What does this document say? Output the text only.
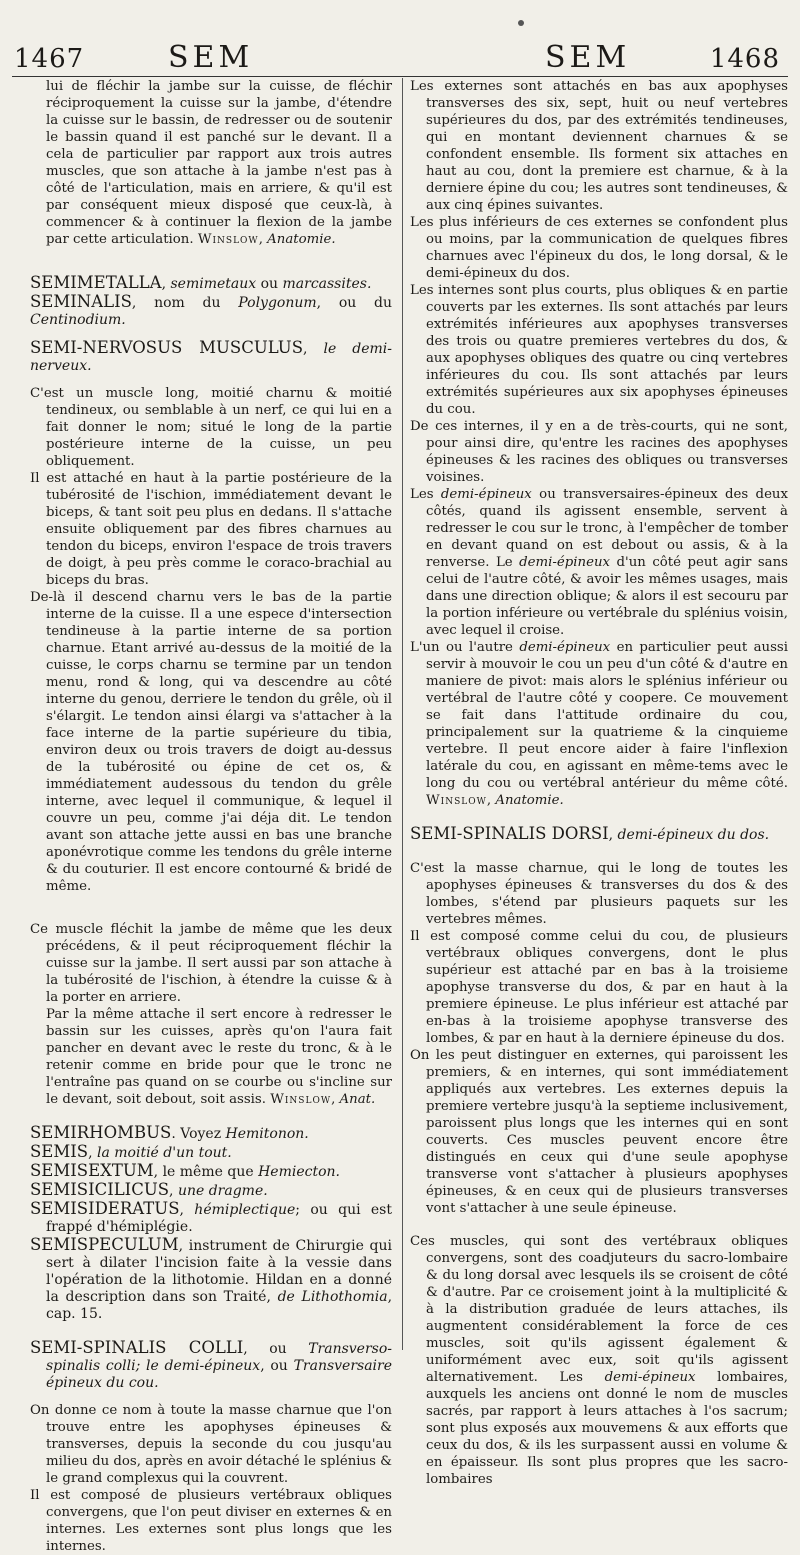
1467	SEM	SEM	1468

lui de fléchir la jambe sur la cuisse, de fléchir réciproquement la cuisse sur la jambe, d'étendre la cuisse sur le bassin, de redresser ou de soutenir le bassin quand il est panché sur le devant. Il a cela de particulier par rapport aux trois autres muscles, que son attache à la jambe n'est pas à côté de l'articulation, mais en arriere, & qu'il est par conséquent mieux disposé que ceux-là, à commencer & à continuer la flexion de la jambe par cette articulation. Winslow, Anatomie.

SEMIMETALLA, semimetaux ou marcassites.

SEMINALIS, nom du Polygonum, ou du Centinodium.

SEMI-NERVOSUS MUSCULUS, le demi-nerveux.

C'est un muscle long, moitié charnu & moitié tendineux, ou semblable à un nerf, ce qui lui en a fait donner le nom; situé le long de la partie postérieure interne de la cuisse, un peu obliquement.

Il est attaché en haut à la partie postérieure de la tubérosité de l'ischion, immédiatement devant le biceps, & tant soit peu plus en dedans. Il s'attache ensuite obliquement par des fibres charnues au tendon du biceps, environ l'espace de trois travers de doigt, à peu près comme le coraco-brachial au biceps du bras.

De-là il descend charnu vers le bas de la partie interne de la cuisse. Il a une espece d'intersection tendineuse à la partie interne de sa portion charnue. Etant arrivé au-dessus de la moitié de la cuisse, le corps charnu se termine par un tendon menu, rond & long, qui va descendre au côté interne du genou, derriere le tendon du grêle, où il s'élargit. Le tendon ainsi élargi va s'attacher à la face interne de la partie supérieure du tibia, environ deux ou trois travers de doigt au-dessus de la tubérosité ou épine de cet os, & immédiatement audessous du tendon du grêle interne, avec lequel il communique, & lequel il couvre un peu, comme j'ai déja dit. Le tendon avant son attache jette aussi en bas une branche aponévrotique comme les tendons du grêle interne & du couturier. Il est encore contourné & bridé de même.

Ce muscle fléchit la jambe de même que les deux précédens, & il peut réciproquement fléchir la cuisse sur la jambe. Il sert aussi par son attache à la tubérosité de l'ischion, à étendre la cuisse & à la porter en arriere.

Par la même attache il sert encore à redresser le bassin sur les cuisses, après qu'on l'aura fait pancher en devant avec le reste du tronc, & à le retenir comme en bride pour que le tronc ne l'entraîne pas quand on se courbe ou s'incline sur le devant, soit debout, soit assis. Winslow, Anat.

SEMIRHOMBUS. Voyez Hemitonon.

SEMIS, la moitié d'un tout.

SEMISEXTUM, le même que Hemiecton.

SEMISICILICUS, une dragme.

SEMISIDERATUS, hémiplectique; ou qui est frappé d'hémiplégie.

SEMISPECULUM, instrument de Chirurgie qui sert à dilater l'incision faite à la vessie dans l'opération de la lithotomie. Hildan en a donné la description dans son Traité, de Lithothomia, cap. 15.

SEMI-SPINALIS COLLI, ou Transverso-spinalis colli; le demi-épineux, ou Transversaire épineux du cou.

On donne ce nom à toute la masse charnue que l'on trouve entre les apophyses épineuses & transverses, depuis la seconde du cou jusqu'au milieu du dos, après en avoir détaché le splénius & le grand complexus qui la couvrent.

Il est composé de plusieurs vertébraux obliques convergens, que l'on peut diviser en externes & en internes. Les externes sont plus longs que les internes.

Les externes sont attachés en bas aux apophyses transverses des six, sept, huit ou neuf vertebres supérieures du dos, par des extrémités tendineuses, qui en montant deviennent charnues & se confondent ensemble. Ils forment six attaches en haut au cou, dont la premiere est charnue, & à la derniere épine du cou; les autres sont tendineuses, & aux cinq épines suivantes.

Les plus inférieurs de ces externes se confondent plus ou moins, par la communication de quelques fibres charnues avec l'épineux du dos, le long dorsal, & le demi-épineux du dos.

Les internes sont plus courts, plus obliques & en partie couverts par les externes. Ils sont attachés par leurs extrémités inférieures aux apophyses transverses des trois ou quatre premieres vertebres du dos, & aux apophyses obliques des quatre ou cinq vertebres inférieures du cou. Ils sont attachés par leurs extrémités supérieures aux six apophyses épineuses du cou.

De ces internes, il y en a de très-courts, qui ne sont, pour ainsi dire, qu'entre les racines des apophyses épineuses & les racines des obliques ou transverses voisines.

Les demi-épineux ou transversaires-épineux des deux côtés, quand ils agissent ensemble, servent à redresser le cou sur le tronc, à l'empêcher de tomber en devant quand on est debout ou assis, & à la renverse. Le demi-épineux d'un côté peut agir sans celui de l'autre côté, & avoir les mêmes usages, mais dans une direction oblique; & alors il est secouru par la portion inférieure ou vertébrale du splénius voisin, avec lequel il croise.

L'un ou l'autre demi-épineux en particulier peut aussi servir à mouvoir le cou un peu d'un côté & d'autre en maniere de pivot: mais alors le splénius inférieur ou vertébral de l'autre côté y coopere. Ce mouvement se fait dans l'attitude ordinaire du cou, principalement sur la quatrieme & la cinquieme vertebre. Il peut encore aider à faire l'inflexion latérale du cou, en agissant en même-tems avec le long du cou ou vertébral antérieur du même côté. Winslow, Anatomie.

SEMI-SPINALIS DORSI, demi-épineux du dos.

C'est la masse charnue, qui le long de toutes les apophyses épineuses & transverses du dos & des lombes, s'étend par plusieurs paquets sur les vertebres mêmes.

Il est composé comme celui du cou, de plusieurs vertébraux obliques convergens, dont le plus supérieur est attaché par en bas à la troisieme apophyse transverse du dos, & par en haut à la premiere épineuse. Le plus inférieur est attaché par en-bas à la troisieme apophyse transverse des lombes, & par en haut à la derniere épineuse du dos.

On les peut distinguer en externes, qui paroissent les premiers, & en internes, qui sont immédiatement appliqués aux vertebres. Les externes depuis la premiere vertebre jusqu'à la septieme inclusivement, paroissent plus longs que les internes qui en sont couverts. Ces muscles peuvent encore être distingués en ceux qui d'une seule apophyse transverse vont s'attacher à plusieurs apophyses épineuses, & en ceux qui de plusieurs transverses vont s'attacher à une seule épineuse.

Ces muscles, qui sont des vertébraux obliques convergens, sont des coadjuteurs du sacro-lombaire & du long dorsal avec lesquels ils se croisent de côté & d'autre. Par ce croisement joint à la multiplicité & à la distribution graduée de leurs attaches, ils augmentent considérablement la force de ces muscles, soit qu'ils agissent également & uniformément avec eux, soit qu'ils agissent alternativement. Les demi-épineux lombaires, auxquels les anciens ont donné le nom de muscles sacrés, par rapport à leurs attaches à l'os sacrum; sont plus exposés aux mouvemens & aux efforts que ceux du dos, & ils les surpassent aussi en volume & en épaisseur. Ils sont plus propres que les sacro-lombaires
